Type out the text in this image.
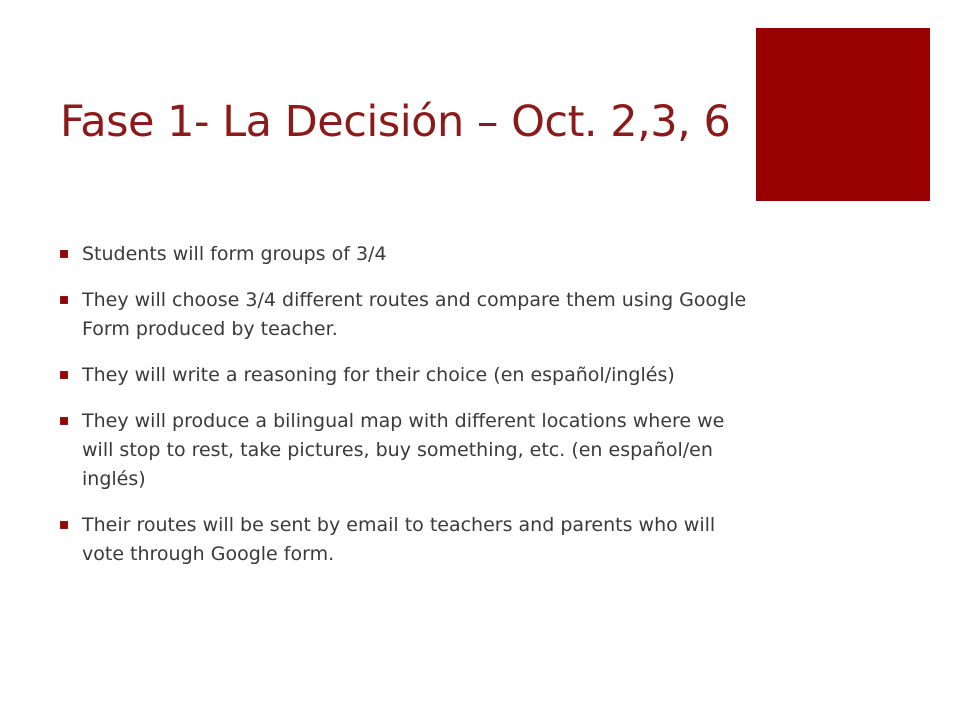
Fase 1- La Decisión – Oct. 2,3, 6
Students will form groups of 3/4
They will choose 3/4 different routes and compare them using Google Form produced by teacher.
They will write a reasoning for their choice (en español/inglés)
They will produce a bilingual map with different locations where we will stop to rest, take pictures, buy something, etc. (en español/en inglés)
Their routes will be sent by email to teachers and parents who will vote through Google form.
